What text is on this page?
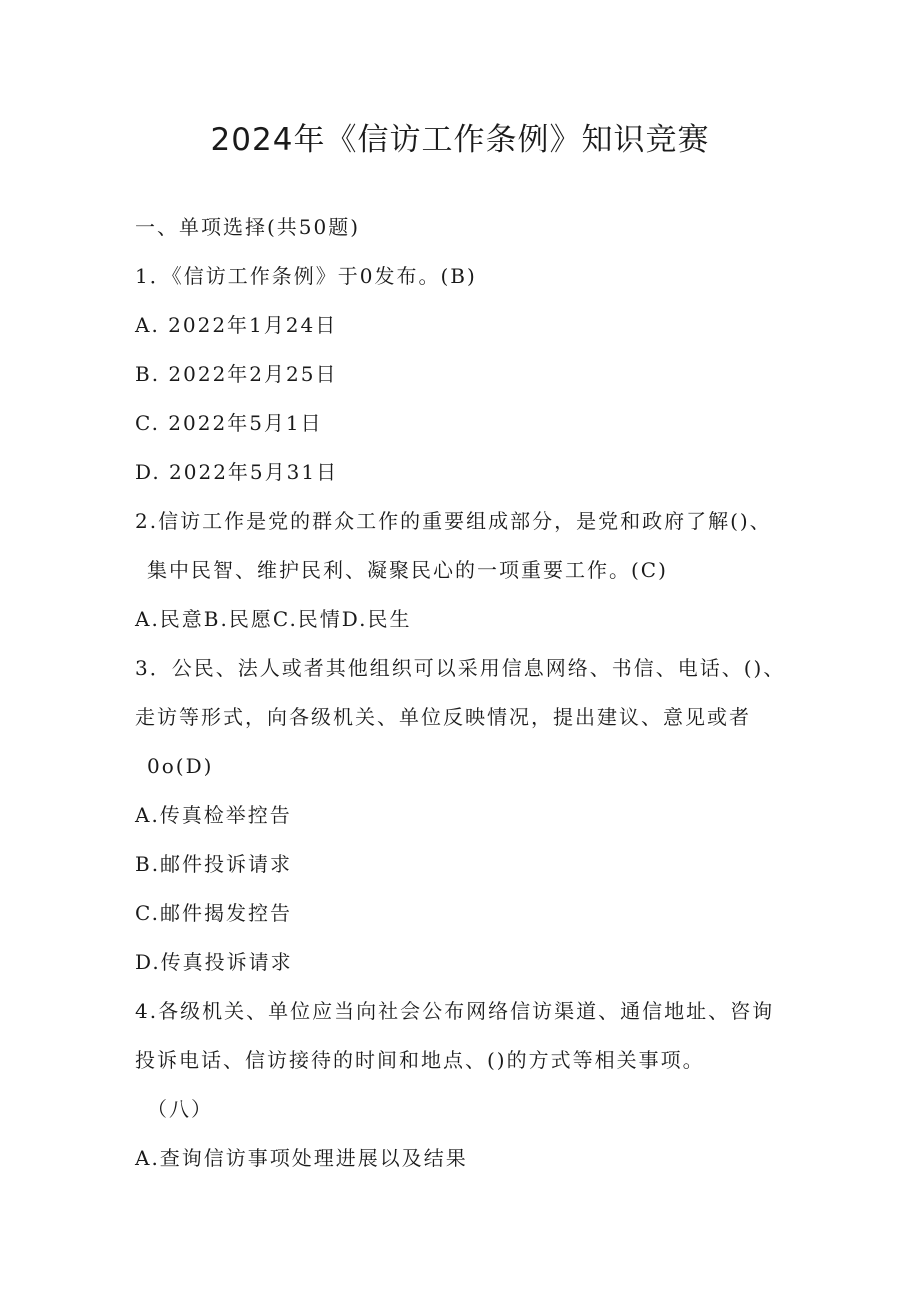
2024年《信访工作条例》知识竞赛
一、单项选择(共50题)
1．《信访工作条例》于0发布。(B)
A. 2022年1月24日
B. 2022年2月25日
C. 2022年5月1日
D. 2022年5月31日
2.信访工作是党的群众工作的重要组成部分，是党和政府了解()、
集中民智、维护民利、凝聚民心的一项重要工作。(C)
A.民意B.民愿C.民情D.民生
3．公民、法人或者其他组织可以采用信息网络、书信、电话、()、
走访等形式，向各级机关、单位反映情况，提出建议、意见或者
0o(D)
A.传真检举控告
B.邮件投诉请求
C.邮件揭发控告
D.传真投诉请求
4.各级机关、单位应当向社会公布网络信访渠道、通信地址、咨询
投诉电话、信访接待的时间和地点、()的方式等相关事项。
（八）
A.查询信访事项处理进展以及结果
